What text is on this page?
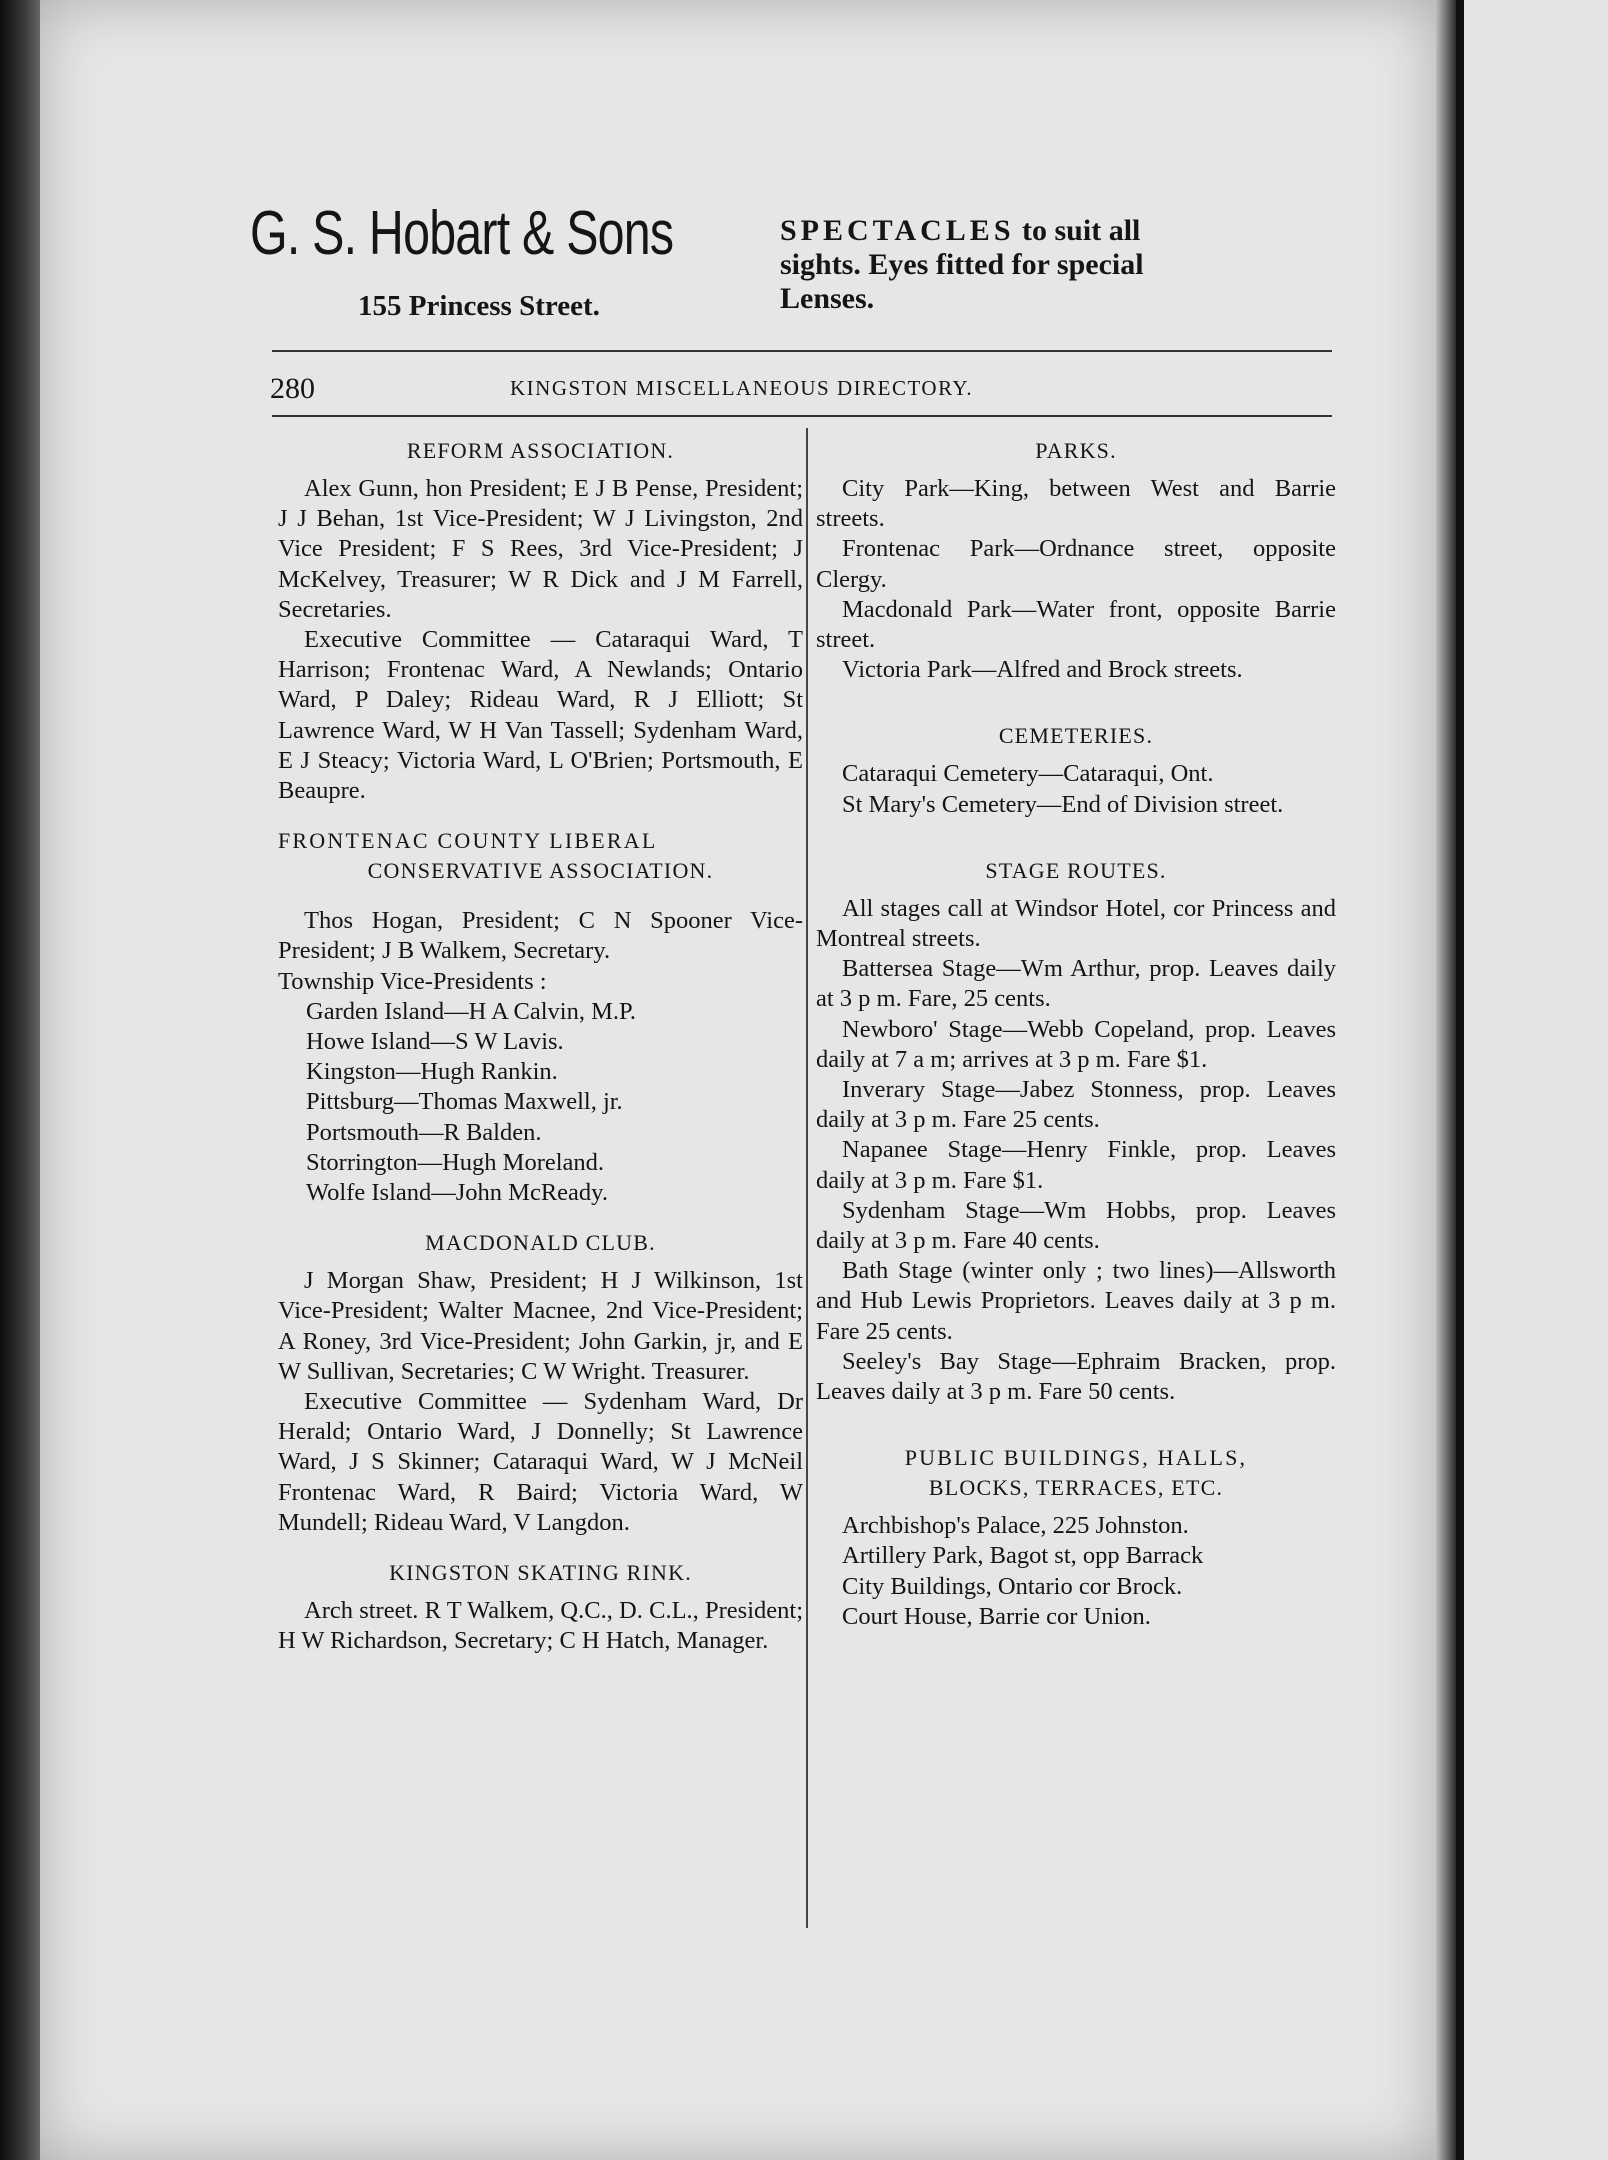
G. S. Hobart & Sons
155 Princess Street.
SPECTACLES to suit all
sights. Eyes fitted for special
Lenses.
280	KINGSTON MISCELLANEOUS DIRECTORY.
REFORM ASSOCIATION.

Alex Gunn, hon President; E J B Pense, President; J J Behan, 1st Vice-President; W J Livingston, 2nd Vice President; F S Rees, 3rd Vice-President; J McKelvey, Treasurer; W R Dick and J M Farrell, Secretaries.

Executive Committee — Cataraqui Ward, T Harrison; Frontenac Ward, A Newlands; Ontario Ward, P Daley; Rideau Ward, R J Elliott; St Lawrence Ward, W H Van Tassell; Sydenham Ward, E J Steacy; Victoria Ward, L O'Brien; Portsmouth, E Beaupre.

FRONTENAC COUNTY LIBERAL
CONSERVATIVE ASSOCIATION.

Thos Hogan, President; C N Spooner Vice-President; J B Walkem, Secretary.

Township Vice-Presidents :

Garden Island—H A Calvin, M.P.

Howe Island—S W Lavis.

Kingston—Hugh Rankin.

Pittsburg—Thomas Maxwell, jr.

Portsmouth—R Balden.

Storrington—Hugh Moreland.

Wolfe Island—John McReady.

MACDONALD CLUB.

J Morgan Shaw, President; H J Wilkinson, 1st Vice-President; Walter Macnee, 2nd Vice-President; A Roney, 3rd Vice-President; John Garkin, jr, and E W Sullivan, Secretaries; C W Wright. Treasurer.

Executive Committee — Sydenham Ward, Dr Herald; Ontario Ward, J Donnelly; St Lawrence Ward, J S Skinner; Cataraqui Ward, W J McNeil Frontenac Ward, R Baird; Victoria Ward, W Mundell; Rideau Ward, V Langdon.

KINGSTON SKATING RINK.

Arch street. R T Walkem, Q.C., D. C.L., President; H W Richardson, Secretary; C H Hatch, Manager.

PARKS.

City Park—King, between West and Barrie streets.

Frontenac Park—Ordnance street, opposite Clergy.

Macdonald Park—Water front, opposite Barrie street.

Victoria Park—Alfred and Brock streets.

CEMETERIES.

Cataraqui Cemetery—Cataraqui, Ont.

St Mary's Cemetery—End of Division street.

STAGE ROUTES.

All stages call at Windsor Hotel, cor Princess and Montreal streets.

Battersea Stage—Wm Arthur, prop. Leaves daily at 3 p m. Fare, 25 cents.

Newboro' Stage—Webb Copeland, prop. Leaves daily at 7 a m; arrives at 3 p m. Fare $1.

Inverary Stage—Jabez Stonness, prop. Leaves daily at 3 p m. Fare 25 cents.

Napanee Stage—Henry Finkle, prop. Leaves daily at 3 p m. Fare $1.

Sydenham Stage—Wm Hobbs, prop. Leaves daily at 3 p m. Fare 40 cents.

Bath Stage (winter only ; two lines)—Allsworth and Hub Lewis Proprietors. Leaves daily at 3 p m. Fare 25 cents.

Seeley's Bay Stage—Ephraim Bracken, prop. Leaves daily at 3 p m. Fare 50 cents.

PUBLIC BUILDINGS, HALLS,
BLOCKS, TERRACES, ETC.

Archbishop's Palace, 225 Johnston.

Artillery Park, Bagot st, opp Barrack

City Buildings, Ontario cor Brock.

Court House, Barrie cor Union.
